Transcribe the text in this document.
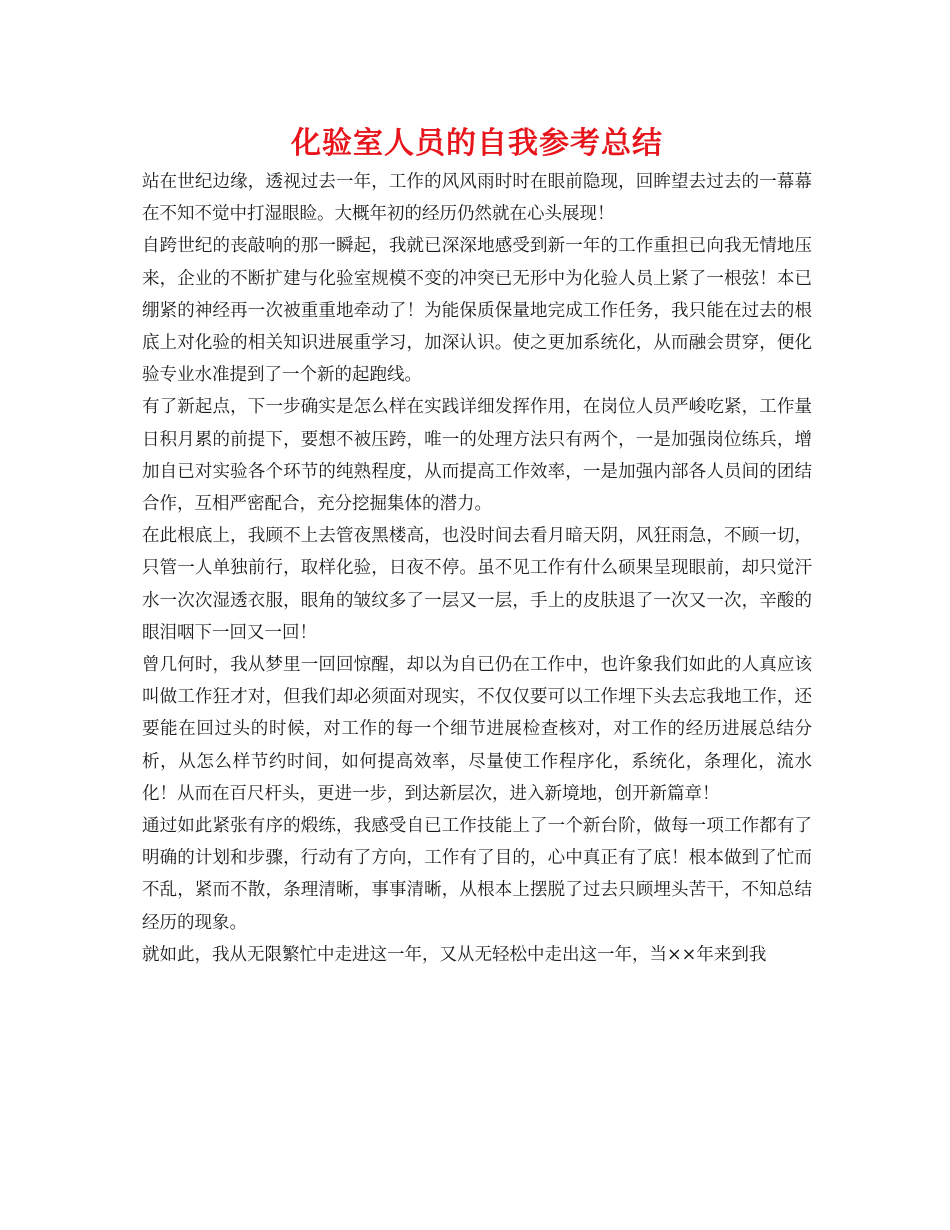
化验室人员的自我参考总结

站在世纪边缘，透视过去一年，工作的风风雨时时在眼前隐现，回眸望去过去的一幕幕在不知不觉中打湿眼睑。大概年初的经历仍然就在心头展现！

自跨世纪的丧敲响的那一瞬起，我就已深深地感受到新一年的工作重担已向我无情地压来，企业的不断扩建与化验室规模不变的冲突已无形中为化验人员上紧了一根弦！本已绷紧的神经再一次被重重地牵动了！为能保质保量地完成工作任务，我只能在过去的根底上对化验的相关知识进展重学习，加深认识。使之更加系统化，从而融会贯穿，便化验专业水准提到了一个新的起跑线。

有了新起点，下一步确实是怎么样在实践详细发挥作用，在岗位人员严峻吃紧，工作量日积月累的前提下，要想不被压跨，唯一的处理方法只有两个，一是加强岗位练兵，增加自已对实验各个环节的纯熟程度，从而提高工作效率，一是加强内部各人员间的团结合作，互相严密配合，充分挖掘集体的潜力。

在此根底上，我顾不上去管夜黑楼高，也没时间去看月暗天阴，风狂雨急，不顾一切，只管一人单独前行，取样化验，日夜不停。虽不见工作有什么硕果呈现眼前，却只觉汗水一次次湿透衣服，眼角的皱纹多了一层又一层，手上的皮肤退了一次又一次，辛酸的眼泪咽下一回又一回！

曾几何时，我从梦里一回回惊醒，却以为自已仍在工作中，也许象我们如此的人真应该叫做工作狂才对，但我们却必须面对现实，不仅仅要可以工作埋下头去忘我地工作，还要能在回过头的时候，对工作的每一个细节进展检查核对，对工作的经历进展总结分析，从怎么样节约时间，如何提高效率，尽量使工作程序化，系统化，条理化，流水化！从而在百尺杆头，更进一步，到达新层次，进入新境地，创开新篇章！

通过如此紧张有序的煅练，我感受自已工作技能上了一个新台阶，做每一项工作都有了明确的计划和步骤，行动有了方向，工作有了目的，心中真正有了底！根本做到了忙而不乱，紧而不散，条理清晰，事事清晰，从根本上摆脱了过去只顾埋头苦干，不知总结经历的现象。

就如此，我从无限繁忙中走进这一年，又从无轻松中走出这一年，当××年来到我
